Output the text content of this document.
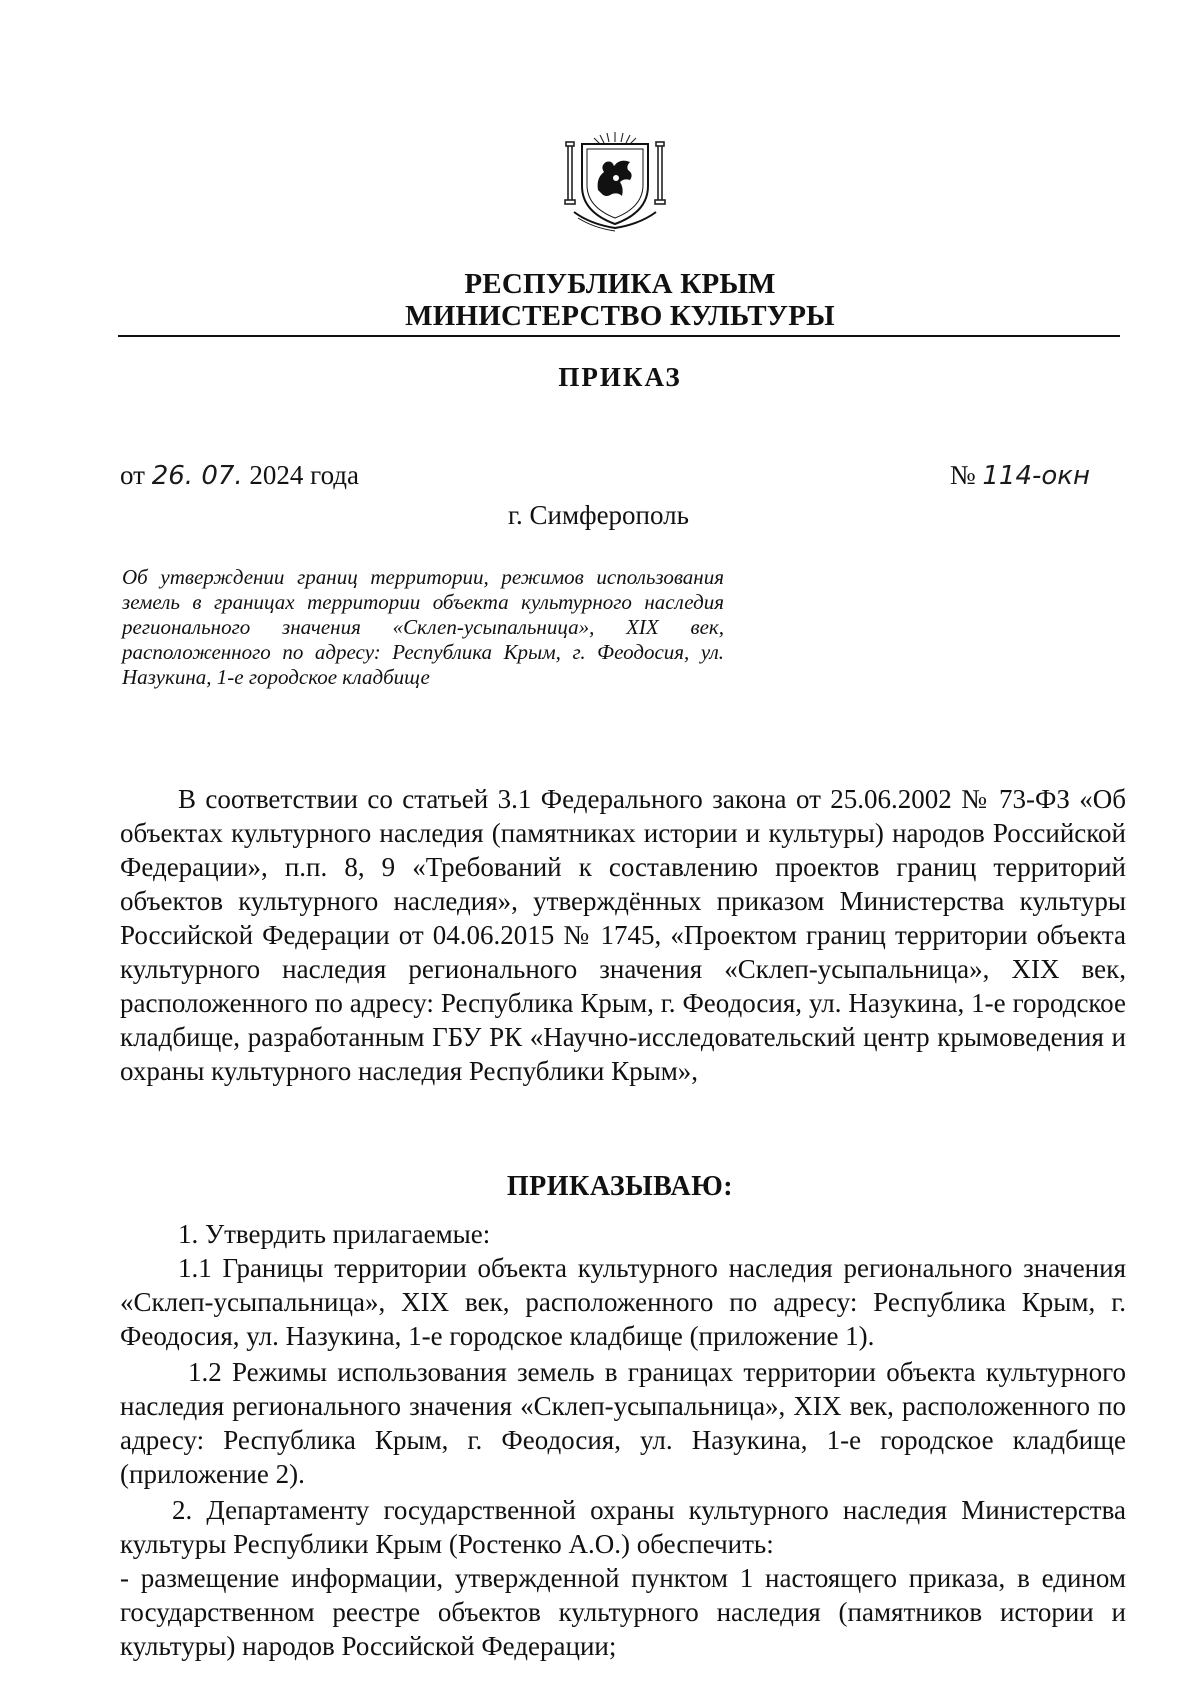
РЕСПУБЛИКА КРЫМ
МИНИСТЕРСТВО КУЛЬТУРЫ
ПРИКАЗ
от 26. 07. 2024 года	№ 114-окн
г. Симферополь
Об утверждении границ территории, режимов использования земель в границах территории объекта культурного наследия регионального значения «Склеп-усыпальница», XIX век, расположенного по адресу: Республика Крым, г. Феодосия, ул. Назукина, 1-е городское кладбище
В соответствии со статьей 3.1 Федерального закона от 25.06.2002 № 73-ФЗ «Об объектах культурного наследия (памятниках истории и культуры) народов Российской Федерации», п.п. 8, 9 «Требований к составлению проектов границ территорий объектов культурного наследия», утверждённых приказом Министерства культуры Российской Федерации от 04.06.2015 № 1745, «Проектом границ территории объекта культурного наследия регионального значения «Склеп-усыпальница», XIX век, расположенного по адресу: Республика Крым, г. Феодосия, ул. Назукина, 1-е городское кладбище, разработанным ГБУ РК «Научно-исследовательский центр крымоведения и охраны культурного наследия Республики Крым»,
ПРИКАЗЫВАЮ:
1. Утвердить прилагаемые:
1.1 Границы территории объекта культурного наследия регионального значения «Склеп-усыпальница», XIX век, расположенного по адресу: Республика Крым, г. Феодосия, ул. Назукина, 1-е городское кладбище (приложение 1).
1.2 Режимы использования земель в границах территории объекта культурного наследия регионального значения «Склеп-усыпальница», XIX век, расположенного по адресу: Республика Крым, г. Феодосия, ул. Назукина, 1-е городское кладбище (приложение 2).
2. Департаменту государственной охраны культурного наследия Министерства культуры Республики Крым (Ростенко А.О.) обеспечить:
- размещение информации, утвержденной пунктом 1 настоящего приказа, в едином государственном реестре объектов культурного наследия (памятников истории и культуры) народов Российской Федерации;
